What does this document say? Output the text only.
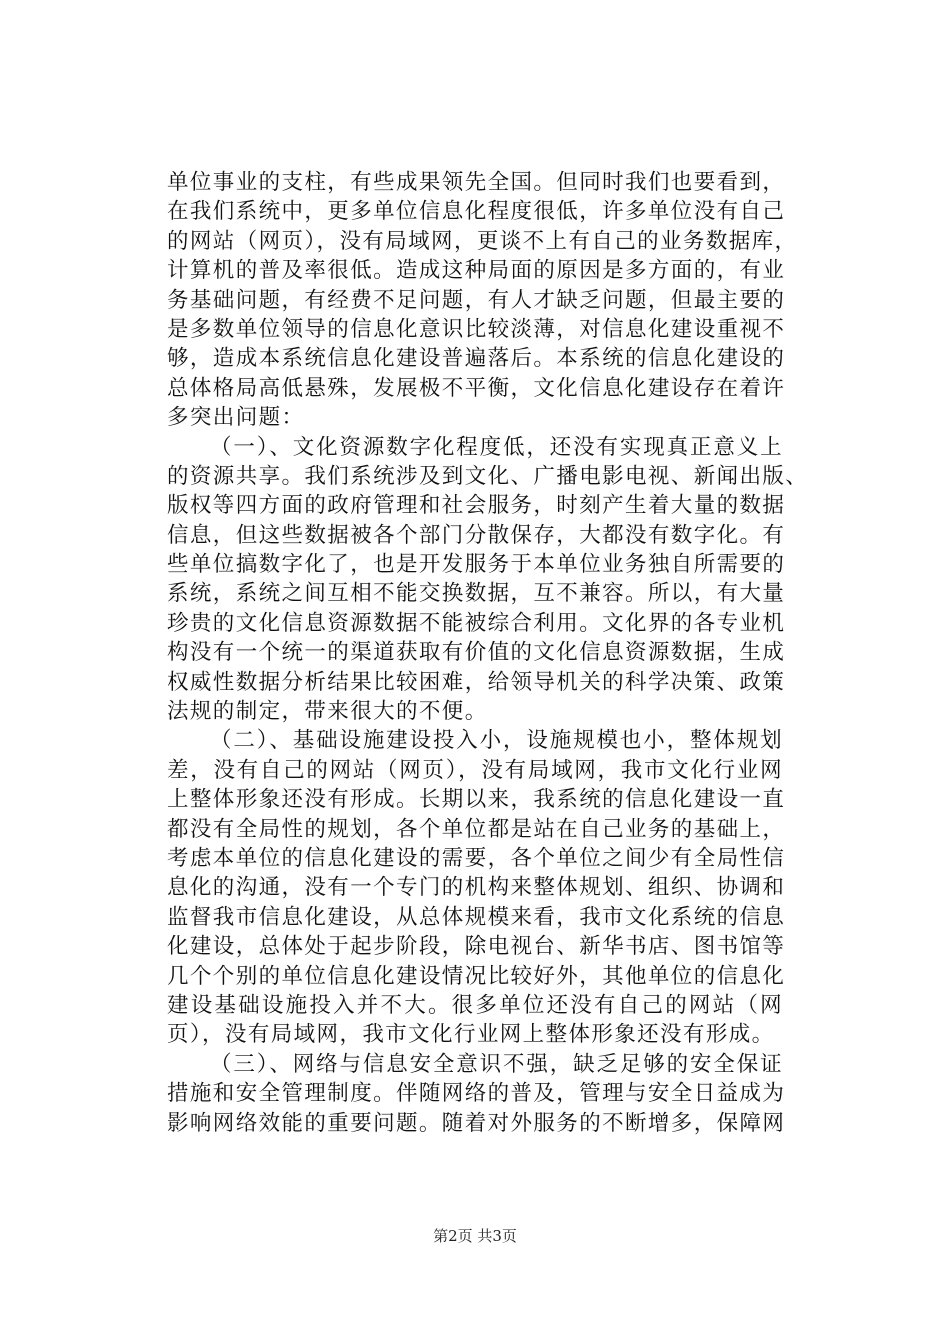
单位事业的支柱，有些成果领先全国。但同时我们也要看到，
在我们系统中，更多单位信息化程度很低，许多单位没有自己
的网站（网页），没有局域网，更谈不上有自己的业务数据库，
计算机的普及率很低。造成这种局面的原因是多方面的，有业
务基础问题，有经费不足问题，有人才缺乏问题，但最主要的
是多数单位领导的信息化意识比较淡薄，对信息化建设重视不
够，造成本系统信息化建设普遍落后。本系统的信息化建设的
总体格局高低悬殊，发展极不平衡，文化信息化建设存在着许
多突出问题：
（一）、文化资源数字化程度低，还没有实现真正意义上
的资源共享。我们系统涉及到文化、广播电影电视、新闻出版、
版权等四方面的政府管理和社会服务，时刻产生着大量的数据
信息，但这些数据被各个部门分散保存，大都没有数字化。有
些单位搞数字化了，也是开发服务于本单位业务独自所需要的
系统，系统之间互相不能交换数据，互不兼容。所以，有大量
珍贵的文化信息资源数据不能被综合利用。文化界的各专业机
构没有一个统一的渠道获取有价值的文化信息资源数据，生成
权威性数据分析结果比较困难，给领导机关的科学决策、政策
法规的制定，带来很大的不便。
（二）、基础设施建设投入小，设施规模也小，整体规划
差，没有自己的网站（网页），没有局域网，我市文化行业网
上整体形象还没有形成。长期以来，我系统的信息化建设一直
都没有全局性的规划，各个单位都是站在自己业务的基础上，
考虑本单位的信息化建设的需要，各个单位之间少有全局性信
息化的沟通，没有一个专门的机构来整体规划、组织、协调和
监督我市信息化建设，从总体规模来看，我市文化系统的信息
化建设，总体处于起步阶段，除电视台、新华书店、图书馆等
几个个别的单位信息化建设情况比较好外，其他单位的信息化
建设基础设施投入并不大。很多单位还没有自己的网站（网
页），没有局域网，我市文化行业网上整体形象还没有形成。
（三）、网络与信息安全意识不强，缺乏足够的安全保证
措施和安全管理制度。伴随网络的普及，管理与安全日益成为
影响网络效能的重要问题。随着对外服务的不断增多，保障网
第2页 共3页
